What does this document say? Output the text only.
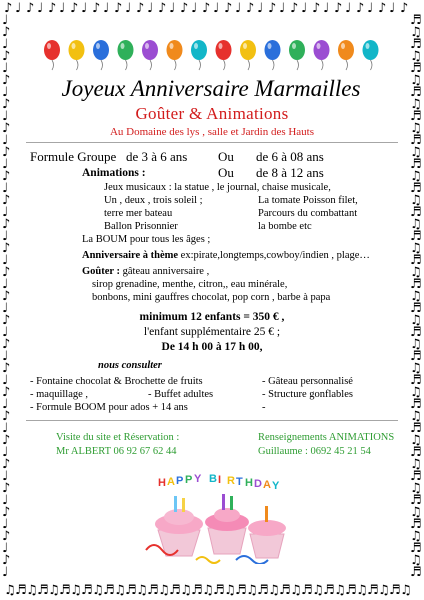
♪
♫
♩
♬
♪
♫
♩
♬
♪
♫
♩
♬
♪
♫
♩
♬
♪
♫
♩
♬
♪
♫
♩
♬
♪
♫
♩
♬
♪
♫
♩
♬
♪
♫
♩
♬
♪
♫
♩
♬
♪
♫
♩
♬
♪
♫
♩
♬
♪
♫
♩
♬
♪
♫
♩
♬
♪
♫
♩
♬
♪
♫
♩
♬
♪
♫
♩
♬
♪
♫
♩
♬
♪
♫
♩	♬
♪	♫
♩	♬
♪	♫
♩	♬
♪	♫
♩	♬
♪	♫
♩	♬
♪	♫
♩	♬
♪	♫
♩	♬
♪	♫
♩	♬
♪	♫
♩	♬
♪	♫
♩	♬
♪	♫
♩	♬
♪	♫
♩	♬
♪	♫
♩	♬
♪	♫
♩	♬
♪	♫
♩	♬
♪	♫
♩	♬
♪	♫
♩	♬
♪	♫
♩	♬
♪	♫
♩	♬
♪	♫
♩	♬
♪	♫
♩	♬
♪	♫
♩	♬
♪	♫
♩	♬
♪	♫
♩	♬
Joyeux Anniversaire Marmailles
Goûter & Animations
Au Domaine des lys , salle et Jardin des Hauts
Formule Groupe de 3 à 6 ans Ou de 6 à 08 ans
Animations :	Ou de 8 à 12 ans
Jeux musicaux : la statue , le journal, chaise musicale,
Un , deux , trois soleil ;	La tomate Poisson filet,
terre mer bateau	Parcours du combattant
Ballon Prisonnier	la bombe etc
La BOUM pour tous les âges ;
Anniversaire à thème ex:pirate,longtemps,cowboy/indien , plage…
Goûter : gâteau anniversaire ,
sirop grenadine, menthe, citron,, eau minérale,
bonbons, mini gauffres chocolat, pop corn , barbe à papa
minimum 12 enfants = 350 € ,
l'enfant supplémentaire 25 € ;
De 14 h 00 à 17 h 00,
nous consulter
- Fontaine chocolat & Brochette de fruits	- Gâteau personnalisé
- maquillage ,	- Buffet adultes	- Structure gonflables
- Formule BOOM pour ados + 14 ans	-
Visite du site et Réservation :
Mr ALBERT 06 92 67 62 44
Renseignements ANIMATIONS
Guillaume : 0692 45 21 54
H A P P Y B I R T H D A Y
